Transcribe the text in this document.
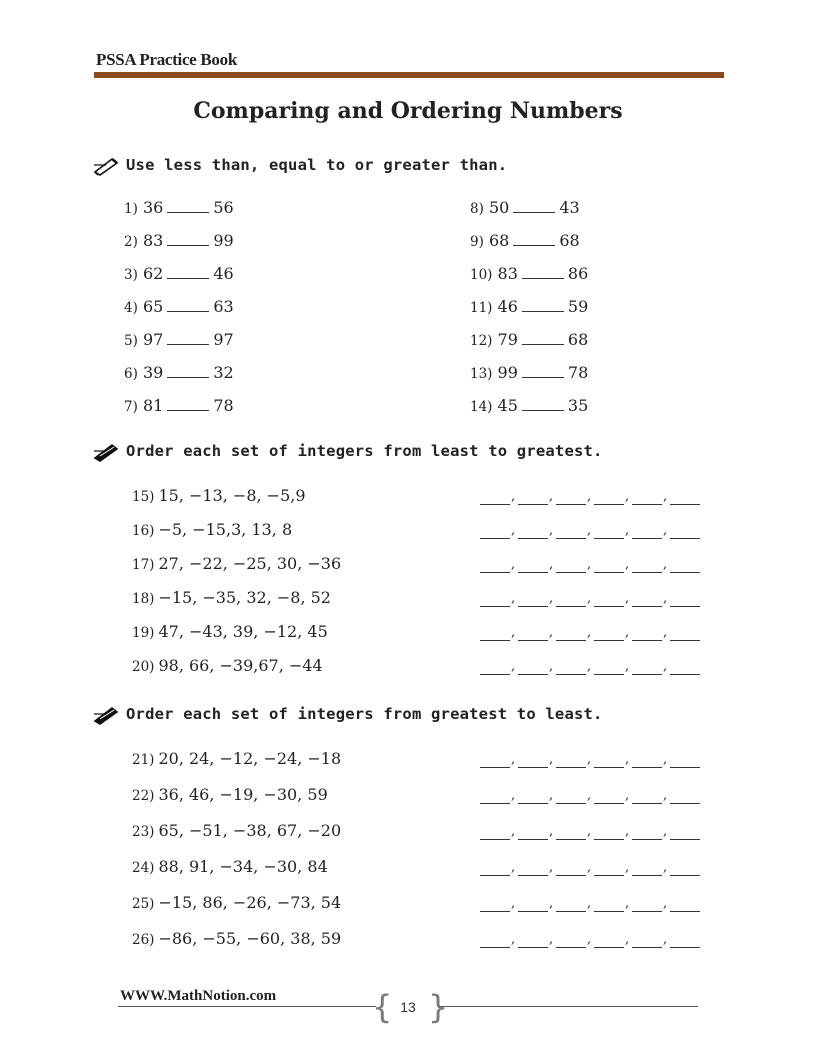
PSSA Practice Book
Comparing and Ordering Numbers
Use less than, equal to or greater than.
1) 36	56
2) 83	99
3) 62	46
4) 65	63
5) 97	97
6) 39	32
7) 81	78
8) 50	43
9) 68	68
10) 83	86
11) 46	59
12) 79	68
13) 99	78
14) 45	35
Order each set of integers from least to greatest.
15) 15, −13, −8, −5,9	,	,	,	,	,
16) −5, −15,3, 13, 8	,	,	,	,	,
17) 27, −22, −25, 30, −36	,	,	,	,	,
18) −15, −35, 32, −8, 52	,	,	,	,	,
19) 47, −43, 39, −12, 45	,	,	,	,	,
20) 98, 66, −39,67, −44	,	,	,	,	,
Order each set of integers from greatest to least.
21) 20, 24, −12, −24, −18	,	,	,	,	,
22) 36, 46, −19, −30, 59	,	,	,	,	,
23) 65, −51, −38, 67, −20	,	,	,	,	,
24) 88, 91, −34, −30, 84	,	,	,	,	,
25) −15, 86, −26, −73, 54	,	,	,	,	,
26) −86, −55, −60, 38, 59	,	,	,	,	,
WWW.MathNotion.com	{ }
13
